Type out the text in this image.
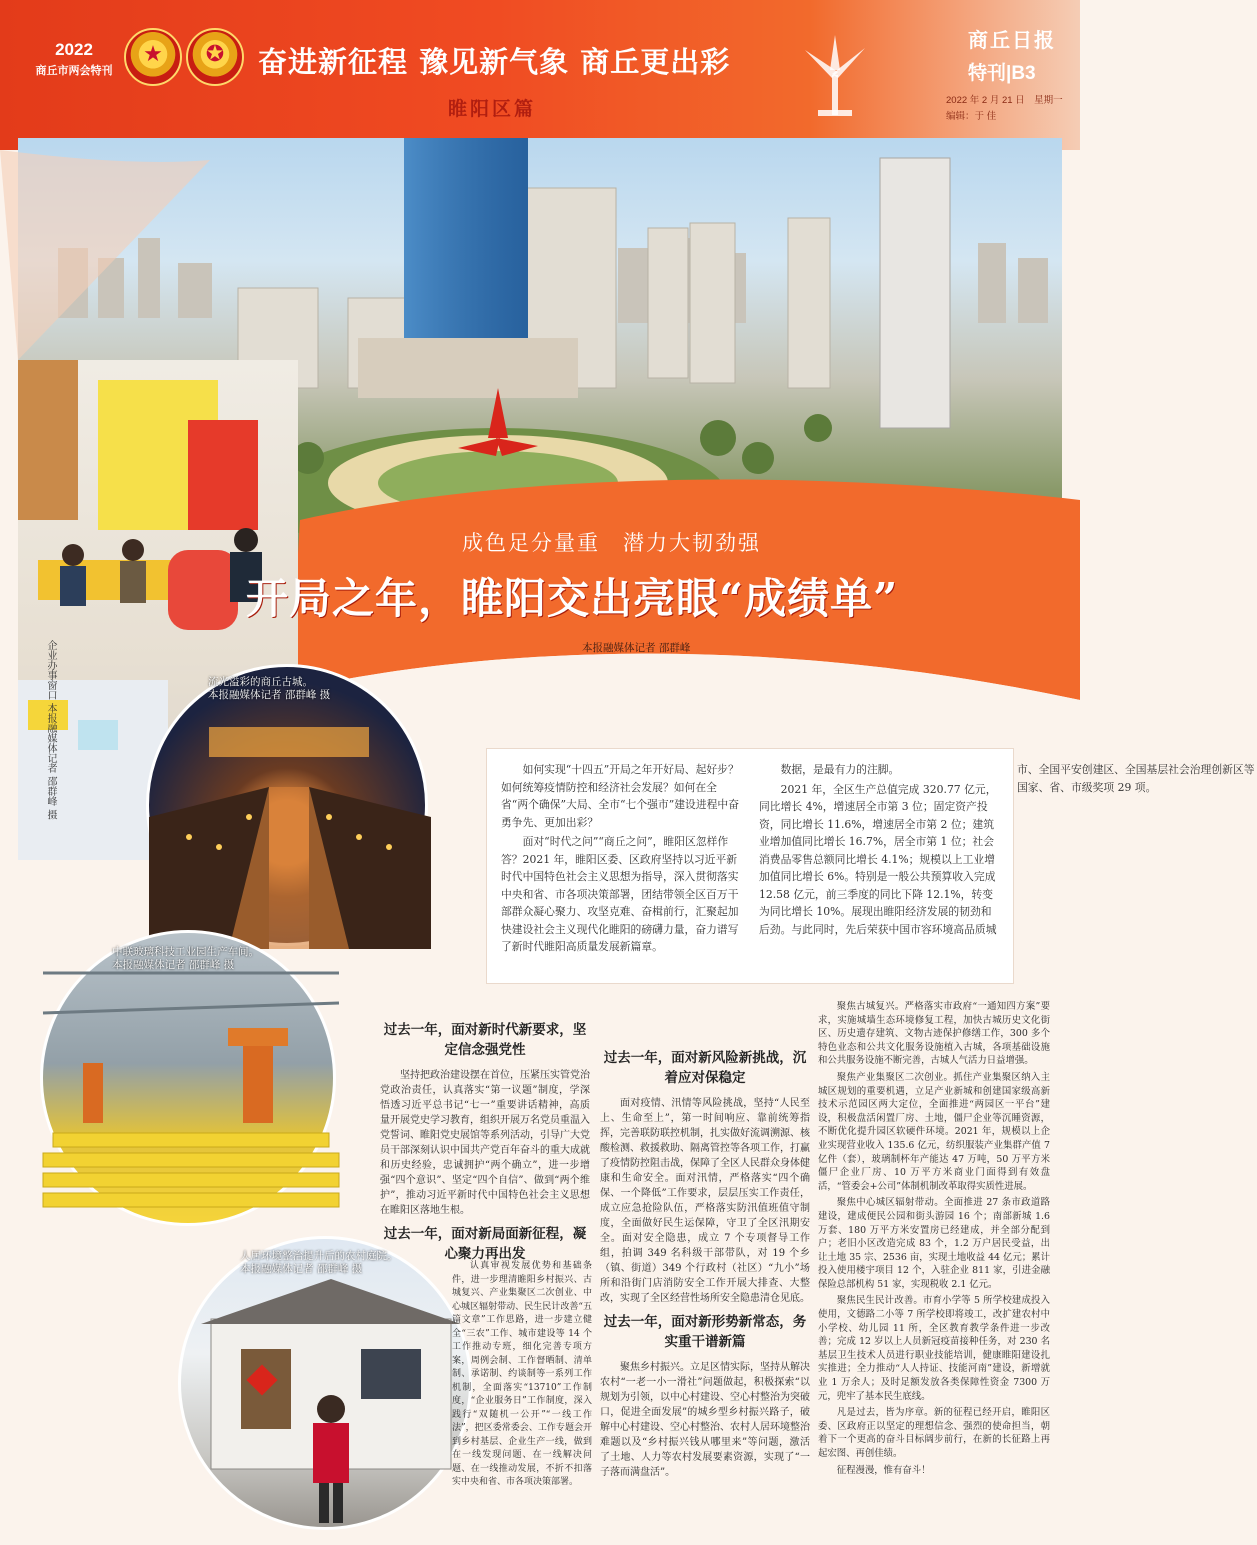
2022
商丘市两会特刊
★	✪	奋进新征程 豫见新气象 商丘更出彩
睢阳区篇
商丘日报
特刊|B3
2022 年 2 月 21 日　星期一
编辑：于 佳
企业办事窗口 本报融媒体记者 邵群峰 摄
成色足分量重　潜力大韧劲强
开局之年，睢阳交出亮眼“成绩单”
本报融媒体记者 邵群峰
流光溢彩的商丘古城。
本报融媒体记者 邵群峰 摄
中联玻璃科技工业园生产车间。
本报融媒体记者 邵群峰 摄
人居环境整治提升后的农村庭院。
本报融媒体记者 邵群峰 摄

如何实现“十四五”开局之年开好局、起好步？如何统筹疫情防控和经济社会发展？如何在全省“两个确保”大局、全市“七个强市”建设进程中奋勇争先、更加出彩？

面对“时代之问”“商丘之问”，睢阳区忽样作答？2021 年，睢阳区委、区政府坚持以习近平新时代中国特色社会主义思想为指导，深入贯彻落实中央和省、市各项决策部署，团结带领全区百万干部群众凝心聚力、攻坚克难、奋楫前行，汇聚起加快建设社会主义现代化睢阳的磅礴力量，奋力谱写了新时代睢阳高质量发展新篇章。

数据，是最有力的注脚。

2021 年，全区生产总值完成 320.77 亿元，同比增长 4%，增速居全市第 3 位；固定资产投资，同比增长 11.6%，增速居全市第 2 位；建筑业增加值同比增长 16.7%，居全市第 1 位；社会消费品零售总额同比增长 4.1%；规模以上工业增加值同比增长 6%。特别是一般公共预算收入完成 12.58 亿元，前三季度的同比下降 12.1%，转变为同比增长 10%。展现出睢阳经济发展的韧劲和后劲。与此同时，先后荣获中国市容环境高品质城市、全国平安创建区、全国基层社会治理创新区等国家、省、市级奖项 29 项。

过去一年，面对新时代新要求，坚定信念强党性

坚持把政治建设摆在首位，压紧压实管党治党政治责任，认真落实“第一议题”制度，学深悟透习近平总书记“七一”重要讲话精神，高质量开展党史学习教育，组织开展万名党员重温入党誓词、睢阳党史展馆等系列活动，引导广大党员干部深刻认识中国共产党百年奋斗的重大成就和历史经验，忠诚拥护“两个确立”，进一步增强“四个意识”、坚定“四个自信”、做到“两个维护”，推动习近平新时代中国特色社会主义思想在睢阳区落地生根。

过去一年，面对新局面新征程，凝心聚力再出发

认真审视发展优势和基础条件，进一步理清睢阳乡村振兴、古城复兴、产业集聚区二次创业、中心城区辐射带动、民生民计改善“五篇文章”工作思路，进一步建立健全“三农”工作、城市建设等 14 个工作推动专班，细化完善专项方案，周例会制、工作督晒制、清单制、承诺制、约谈制等一系列工作机制，全面落实“13710”工作制度，“企业服务日”工作制度，深入践行“双随机一公开”“一线工作法”，把区委常委会、工作专题会开到乡村基层、企业生产一线，做到在一线发现问题、在一线解决问题、在一线推动发展，不折不扣落实中央和省、市各项决策部署。

过去一年，面对新风险新挑战，沉着应对保稳定

面对疫情、汛情等风险挑战，坚持“人民至上、生命至上”，第一时间响应、靠前统筹指挥，完善联防联控机制，扎实做好流调溯源、核酸检测、救援救助、隔离管控等各项工作，打赢了疫情防控阻击战，保障了全区人民群众身体健康和生命安全。面对汛情，严格落实“四个确保、一个降低”工作要求，层层压实工作责任，成立应急抢险队伍，严格落实防汛值班值守制度，全面做好民生运保障，守卫了全区汛期安全。面对安全隐患，成立 7 个专项督导工作组，拍调 349 名科级干部带队，对 19 个乡（镇、街道）349 个行政村（社区）“九小”场所和沿街门店消防安全工作开展大排查、大整改，实现了全区经营性场所安全隐患清仓见底。

过去一年，面对新形势新常态，务实重干谱新篇

聚焦乡村振兴。立足区情实际，坚持从解决农村“一老一小一滑社”问题做起，积极探索“以规划为引领，以中心村建设、空心村整治为突破口，促进全面发展”的城乡型乡村振兴路子，破解中心村建设、空心村整治、农村人居环境整治难题以及“乡村振兴钱从哪里来”等问题，激活了土地、人力等农村发展要素资源，实现了“一子落而满盘活”。

聚焦古城复兴。严格落实市政府“一通知四方案”要求，实施城墙生态环境修复工程，加快古城历史文化街区、历史遗存建筑、文物古迹保护修缮工作，300 多个特色业态和公共文化服务设施植入古城，各项基础设施和公共服务设施不断完善，古城人气活力日益增强。

聚焦产业集聚区二次创业。抓住产业集聚区纳入主城区规划的重要机遇，立足产业新城和创建国家级高新技术示范园区两大定位，全面推进“两园区一平台”建设，积极盘活闲置厂房、土地，僵尸企业等沉睡资源，不断优化提升园区软硬件环境。2021 年，规模以上企业实现营业收入 135.6 亿元，纺织服装产业集群产值 7 亿件（套），玻璃制杯年产能达 47 万吨，50 万平方米僵尸企业厂房、10 万平方米商业门面得到有效盘活，“管委会+公司”体制机制改革取得实质性进展。

聚焦中心城区辐射带动。全面推进 27 条市政道路建设，建成便民公园和街头游园 16 个；南部新城 1.6 万套、180 万平方米安置房已经建成，并全部分配到户；老旧小区改造完成 83 个，1.2 万户居民受益，出让土地 35 宗、2536 亩，实现土地收益 44 亿元；累计投入使用楼宇项目 12 个，入驻企业 811 家，引进金融保险总部机构 51 家，实现税收 2.1 亿元。

聚焦民生民计改善。市育小学等 5 所学校建成投入使用，文德路二小等 7 所学校即将竣工，改扩建农村中小学校、幼儿园 11 所，全区教育教学条件进一步改善；完成 12 岁以上人员新冠疫苗接种任务，对 230 名基层卫生技术人员进行职业技能培训，健康睢阳建设扎实推进；全力推动“人人持证、技能河南”建设，新增就业 1 万余人；及时足额发放各类保障性资金 7300 万元，兜牢了基本民生底线。

凡是过去，皆为序章。新的征程已经开启，睢阳区委、区政府正以坚定的理想信念、强烈的使命担当，朝着下一个更高的奋斗目标阔步前行，在新的长征路上再起宏图、再创佳绩。

征程漫漫，惟有奋斗！
